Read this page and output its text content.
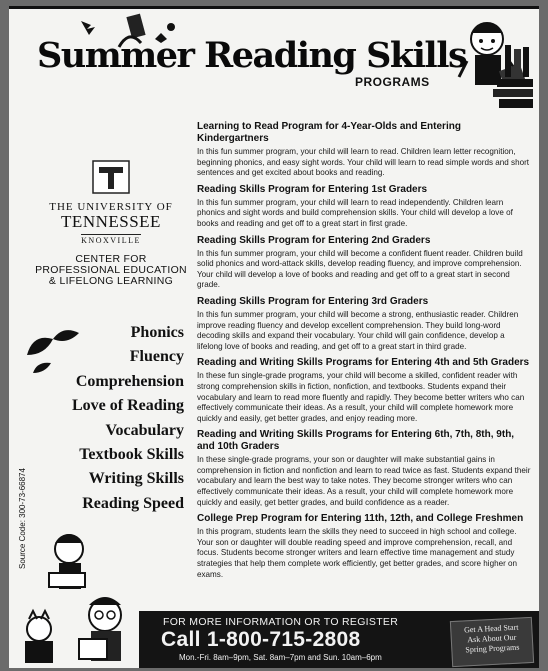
Summer Reading Skills
PROGRAMS
THE UNIVERSITY OF
TENNESSEE
KNOXVILLE
CENTER FOR
PROFESSIONAL EDUCATION
& LIFELONG LEARNING
Phonics
Fluency
Comprehension
Love of Reading
Vocabulary
Textbook Skills
Writing Skills
Reading Speed
Source Code: 300-73-66874
Learning to Read Program for 4-Year-Olds and Entering Kindergartners

In this fun summer program, your child will learn to read. Children learn letter recognition, beginning phonics, and easy sight words. Your child will learn to read simple words and short sentences and get excited about books and reading.

Reading Skills Program for Entering 1st Graders

In this fun summer program, your child will learn to read independently. Children learn phonics and sight words and build comprehension skills. Your child will develop a love of books and reading and get off to a great start in first grade.

Reading Skills Program for Entering 2nd Graders

In this fun summer program, your child will become a confident fluent reader. Children build solid phonics and word-attack skills, develop reading fluency, and improve comprehension. Your child will develop a love of books and reading and get off to a great start in second grade.

Reading Skills Program for Entering 3rd Graders

In this fun summer program, your child will become a strong, enthusiastic reader. Children improve reading fluency and develop excellent comprehension. They build long-word decoding skills and expand their vocabulary. Your child will gain confidence, develop a lifelong love of books and reading, and get off to a great start in third grade.

Reading and Writing Skills Programs for Entering 4th and 5th Graders

In these fun single-grade programs, your child will become a skilled, confident reader with strong comprehension skills in fiction, nonfiction, and textbooks. Students expand their vocabulary and learn to read more fluently and rapidly. They become better writers who can effectively communicate their ideas. As a result, your child will complete homework more quickly and easily, get better grades, and enjoy reading more.

Reading and Writing Skills Programs for Entering 6th, 7th, 8th, 9th, and 10th Graders

In these single-grade programs, your son or daughter will make substantial gains in comprehension in fiction and nonfiction and learn to read twice as fast. Students expand their vocabulary and learn the best way to take notes. They become stronger writers who can effectively communicate their ideas. As a result, your child will complete homework more quickly and easily, get better grades, and build confidence as a reader.

College Prep Program for Entering 11th, 12th, and College Freshmen

In this program, students learn the skills they need to succeed in high school and college. Your son or daughter will double reading speed and improve comprehension, recall, and focus. Students become stronger writers and learn effective time management and study strategies that help them complete work efficiently, get better grades, and score higher on exams.

FOR MORE INFORMATION OR TO REGISTER
Call 1-800-715-2808
Mon.-Fri. 8am–9pm, Sat. 8am–7pm and Sun. 10am–6pm
Get A Head Start
Ask About Our
Spring Programs
